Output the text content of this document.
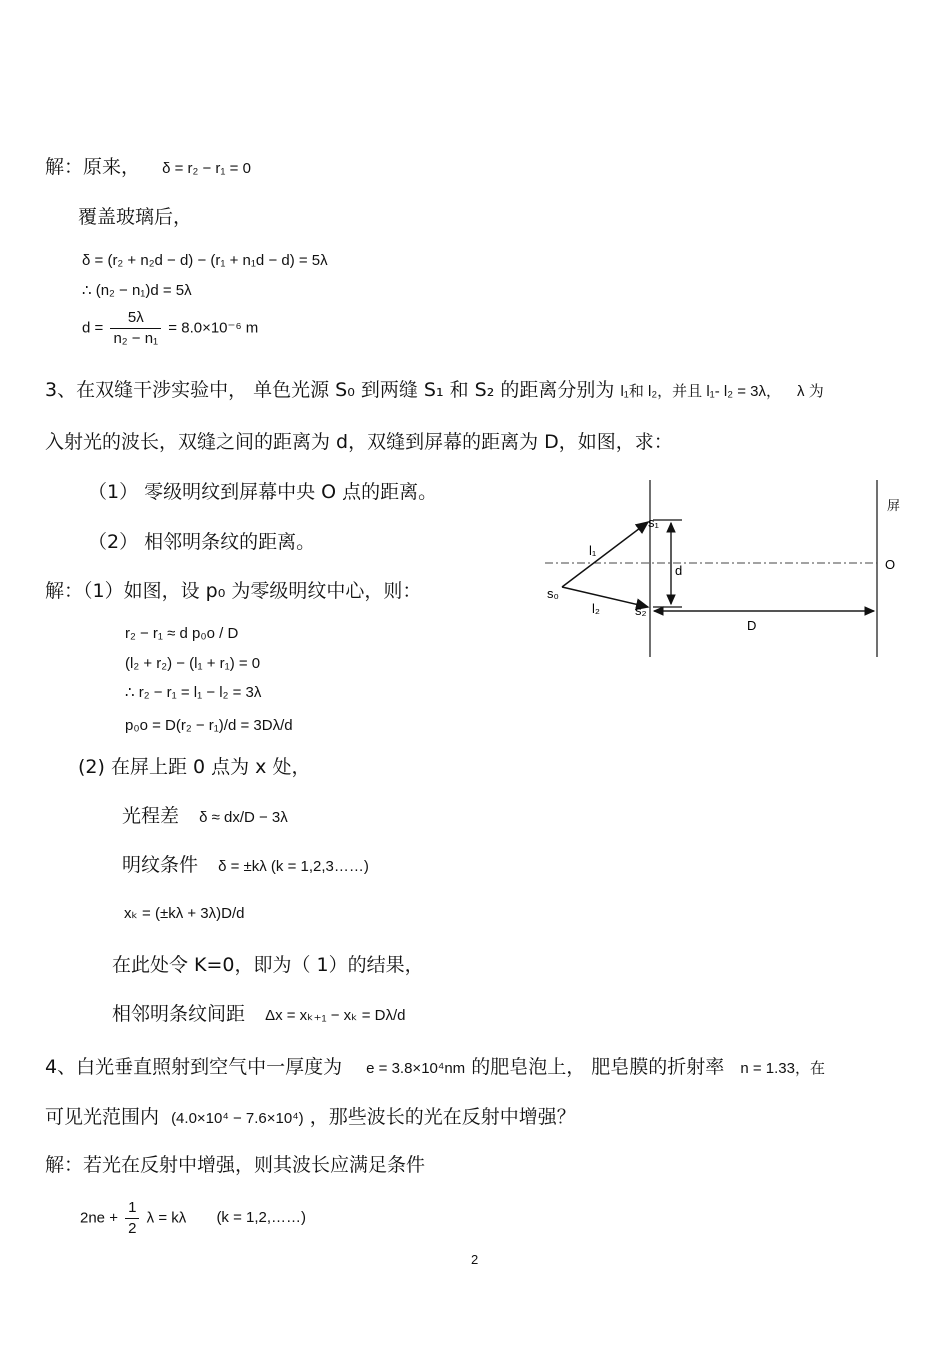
解：原来， δ = r₂ − r₁ = 0
覆盖玻璃后，
δ = (r₂ + n₂d − d) − (r₁ + n₁d − d) = 5λ
∴ (n₂ − n₁)d = 5λ
$d = \frac{5\lambda}{\text{n₂ − n₁}} = 8.0\times 10^{-6}$ m
3、在双缝干涉实验中， 单色光源 S₀ 到两缝 S₁ 和 S₂ 的距离分别为 l₁和 l₂，并且 l₁- l₂ = 3λ， λ 为
入射光的波长，双缝之间的距离为 d，双缝到屏幕的距离为 D，如图，求：
（1） 零级明纹到屏幕中央 O 点的距离。
（2） 相邻明条纹的距离。
解：（1）如图，设 p₀ 为零级明纹中心，则：
r₂ − r₁ ≈ d p₀o / D
(l₂ + r₂) − (l₁ + r₁) = 0
∴ r₂ − r₁ = l₁ − l₂ = 3λ
p₀o = D(r₂ − r₁)/d = 3Dλ/d
(2) 在屏上距 0 点为 x 处，
光程差 δ ≈ dx/D − 3λ
明纹条件 δ = ±kλ (k = 1,2,3……)
xₖ = (±kλ + 3λ)D/d
在此处令 K=0，即为（ 1）的结果，
相邻明条纹间距 Δx = xₖ₊₁ − xₖ = Dλ/d
4、白光垂直照射到空气中一厚度为 e = 3.8×10⁴nm 的肥皂泡上， 肥皂膜的折射率 n = 1.33，在
可见光范围内 (4.0×10⁴ − 7.6×10⁴) ，那些波长的光在反射中增强？
解：若光在反射中增强，则其波长应满足条件
$2ne + \frac{1}{2}$ λ = kλ (k = 1,2,……)
屏
O
s₁
s₂
s₀
l₁
l₂
d
D
2
